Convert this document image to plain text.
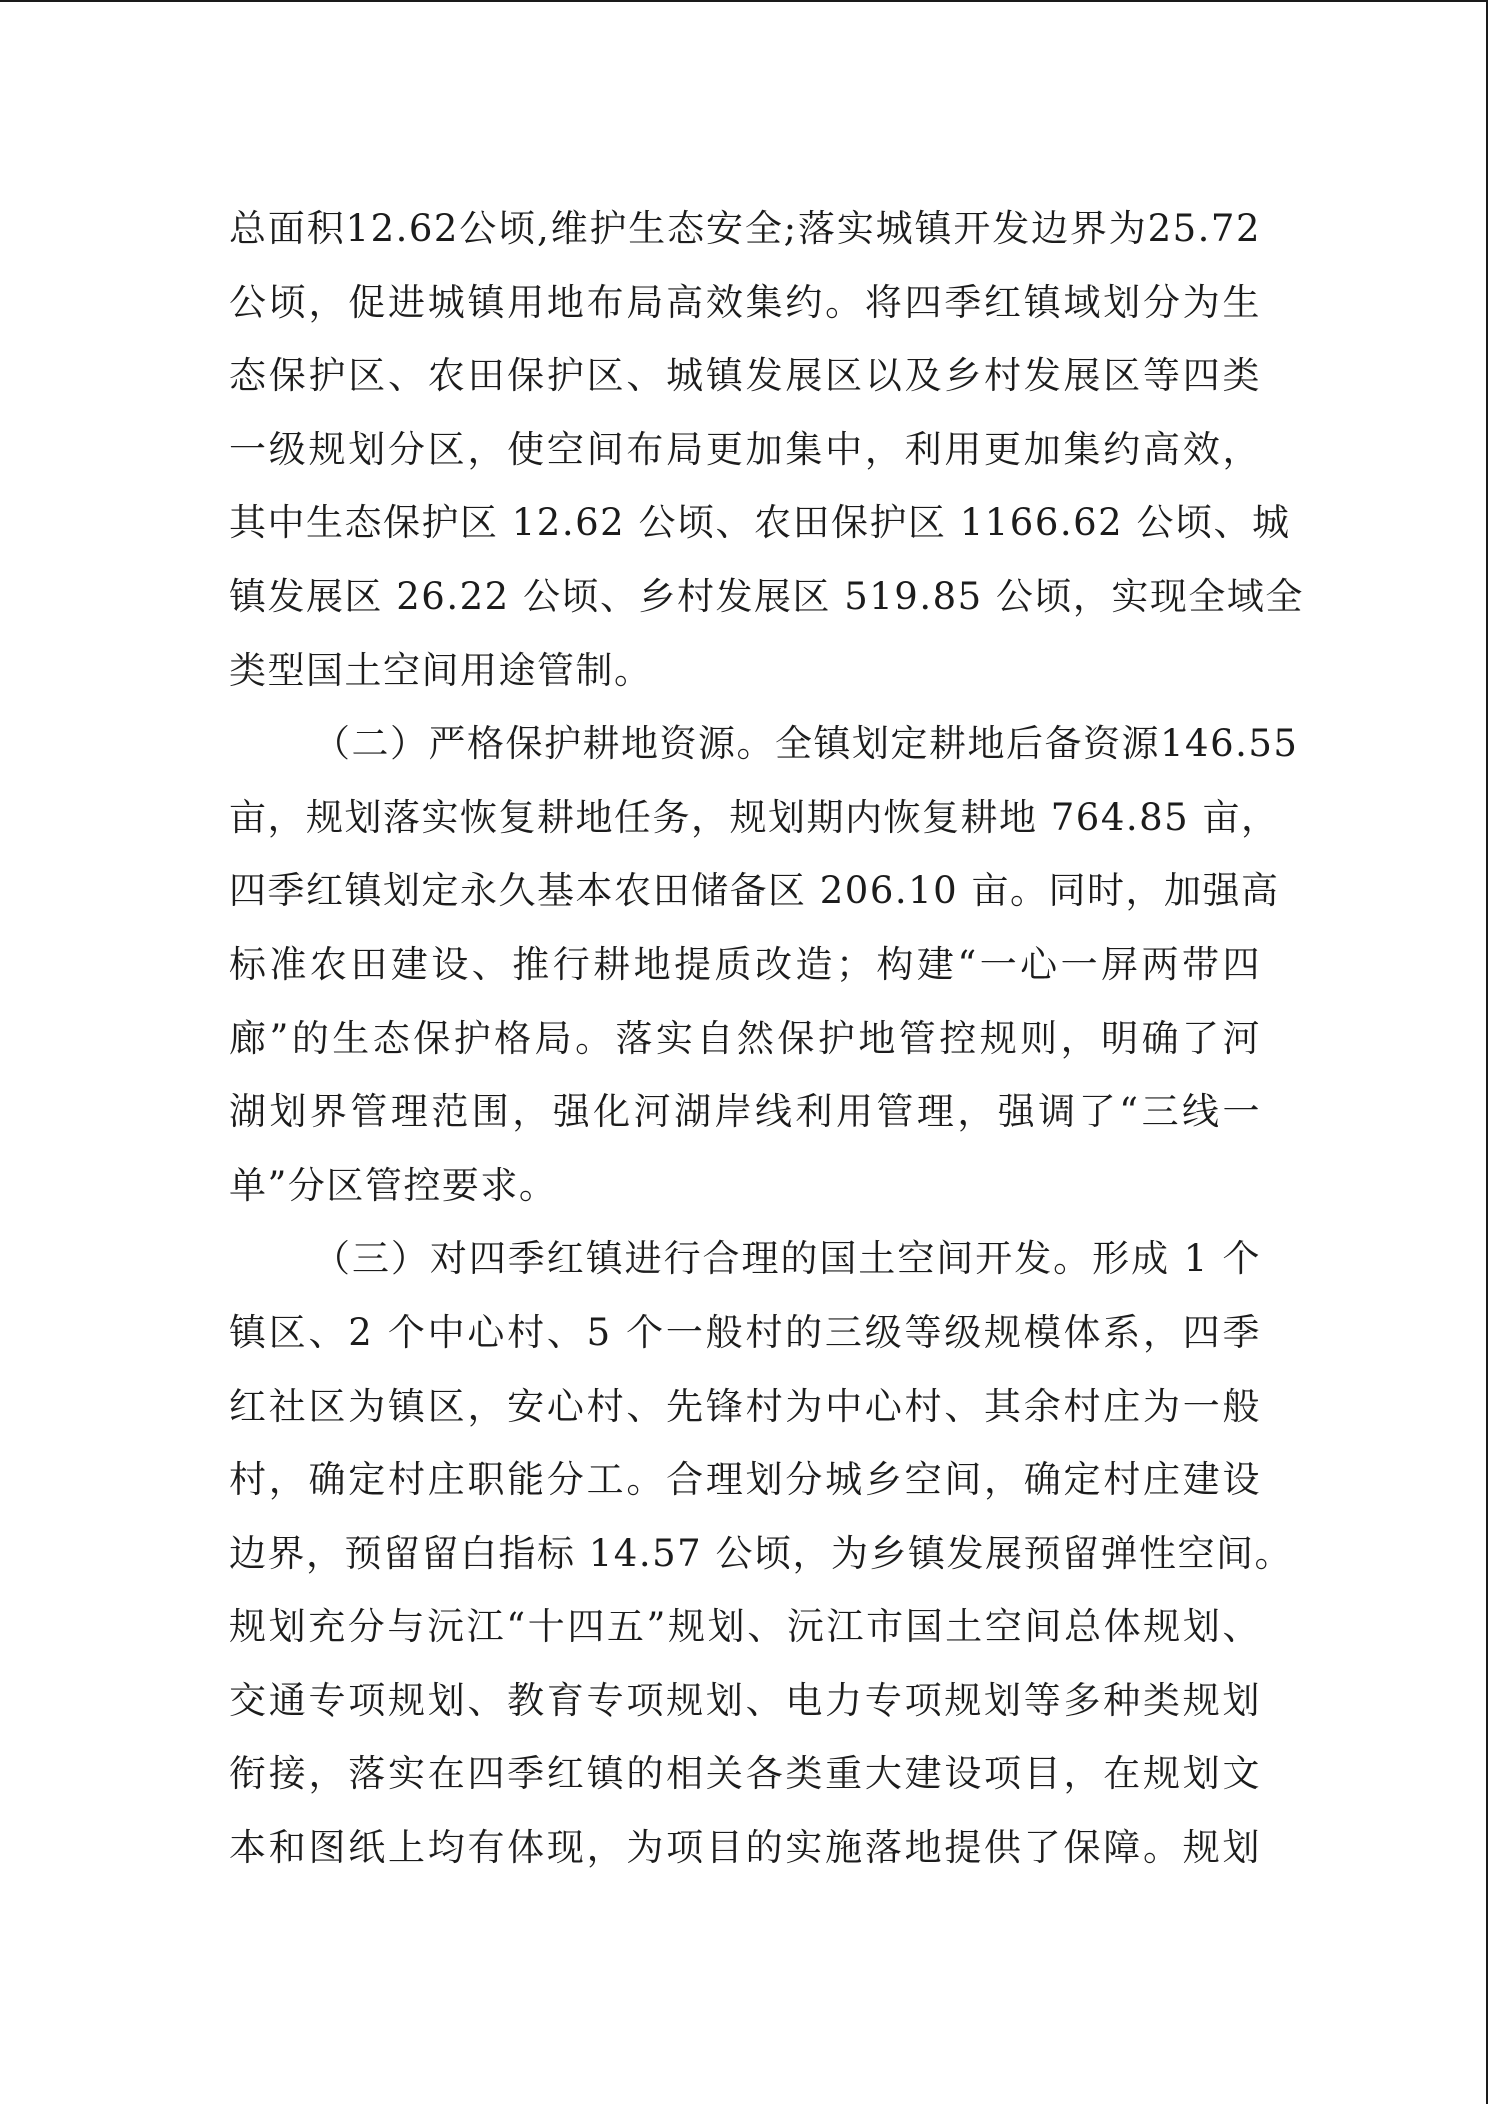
总面积12.62公顷,维护生态安全;落实城镇开发边界为25.72
公顷，促进城镇用地布局高效集约。将四季红镇域划分为生
态保护区、农田保护区、城镇发展区以及乡村发展区等四类
一级规划分区，使空间布局更加集中，利用更加集约高效，
其中生态保护区 12.62 公顷、农田保护区 1166.62 公顷、城
镇发展区 26.22 公顷、乡村发展区 519.85 公顷，实现全域全
类型国土空间用途管制。
（二）严格保护耕地资源。全镇划定耕地后备资源146.55
亩，规划落实恢复耕地任务，规划期内恢复耕地 764.85 亩，
四季红镇划定永久基本农田储备区 206.10 亩。同时，加强高
标准农田建设、推行耕地提质改造；构建“一心一屏两带四
廊”的生态保护格局。落实自然保护地管控规则，明确了河
湖划界管理范围，强化河湖岸线利用管理，强调了“三线一
单”分区管控要求。
（三）对四季红镇进行合理的国土空间开发。形成 1 个
镇区、2 个中心村、5 个一般村的三级等级规模体系，四季
红社区为镇区，安心村、先锋村为中心村、其余村庄为一般
村，确定村庄职能分工。合理划分城乡空间，确定村庄建设
边界，预留留白指标 14.57 公顷，为乡镇发展预留弹性空间。
规划充分与沅江“十四五”规划、沅江市国土空间总体规划、
交通专项规划、教育专项规划、电力专项规划等多种类规划
衔接，落实在四季红镇的相关各类重大建设项目，在规划文
本和图纸上均有体现，为项目的实施落地提供了保障。规划
